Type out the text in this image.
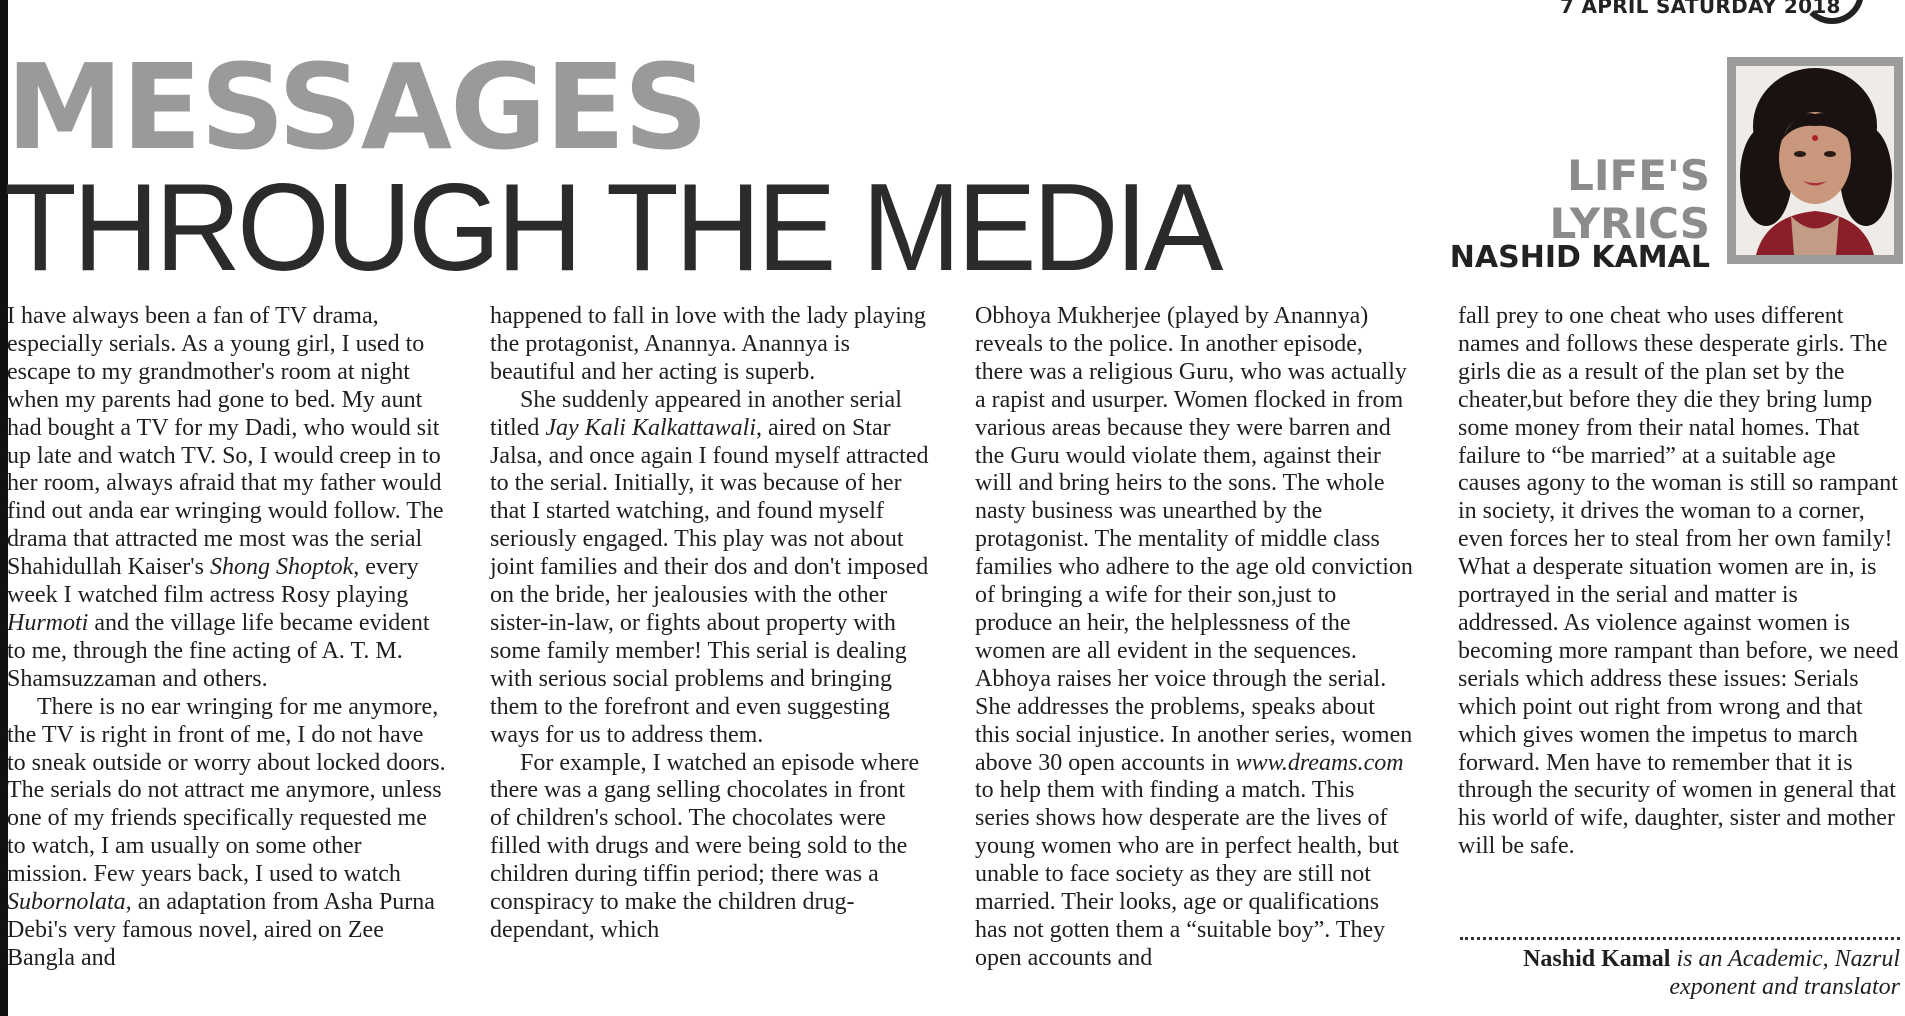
7 APRIL SATURDAY 2018
MESSAGES
THROUGH THE MEDIA	LIFE'S
LYRICS
NASHID KAMAL

I have always been a fan of TV drama, especially serials. As a young girl, I used to escape to my grandmother's room at night when my parents had gone to bed. My aunt had bought a TV for my Dadi, who would sit up late and watch TV. So, I would creep in to her room, always afraid that my father would find out anda ear wringing would follow. The drama that attracted me most was the serial Shahidullah Kaiser's Shong Shoptok, every week I watched film actress Rosy playing Hurmoti and the village life became evident to me, through the fine acting of A. T. M. Shamsuzzaman and others.

There is no ear wringing for me anymore, the TV is right in front of me, I do not have to sneak outside or worry about locked doors. The serials do not attract me anymore, unless one of my friends specifically requested me to watch, I am usually on some other mission. Few years back, I used to watch Subornolata, an adaptation from Asha Purna Debi's very famous novel, aired on Zee Bangla and

happened to fall in love with the lady playing the protagonist, Anannya. Anannya is beautiful and her acting is superb.

She suddenly appeared in another serial titled Jay Kali Kalkattawali, aired on Star Jalsa, and once again I found myself attracted to the serial. Initially, it was because of her that I started watching, and found myself seriously engaged. This play was not about joint families and their dos and don't imposed on the bride, her jealousies with the other sister-in-law, or fights about property with some family member! This serial is dealing with serious social problems and bringing them to the forefront and even suggesting ways for us to address them.

For example, I watched an episode where there was a gang selling chocolates in front of children's school. The chocolates were filled with drugs and were being sold to the children during tiffin period; there was a conspiracy to make the children drug-dependant, which

Obhoya Mukherjee (played by Anannya) reveals to the police. In another episode, there was a religious Guru, who was actually a rapist and usurper. Women flocked in from various areas because they were barren and the Guru would violate them, against their will and bring heirs to the sons. The whole nasty business was unearthed by the protagonist. The mentality of middle class families who adhere to the age old conviction of bringing a wife for their son,just to produce an heir, the helplessness of the women are all evident in the sequences. Abhoya raises her voice through the serial. She addresses the problems, speaks about this social injustice. In another series, women above 30 open accounts in www.dreams.com to help them with finding a match. This series shows how desperate are the lives of young women who are in perfect health, but unable to face society as they are still not married. Their looks, age or qualifications has not gotten them a “suitable boy”. They open accounts and

fall prey to one cheat who uses different names and follows these desperate girls. The girls die as a result of the plan set by the cheater,but before they die they bring lump some money from their natal homes. That failure to “be married” at a suitable age causes agony to the woman is still so rampant in society, it drives the woman to a corner, even forces her to steal from her own family! What a desperate situation women are in, is portrayed in the serial and matter is addressed. As violence against women is becoming more rampant than before, we need serials which address these issues: Serials which point out right from wrong and that which gives women the impetus to march forward. Men have to remember that it is through the security of women in general that his world of wife, daughter, sister and mother will be safe.

Nashid Kamal is an Academic, Nazrul exponent and translator
